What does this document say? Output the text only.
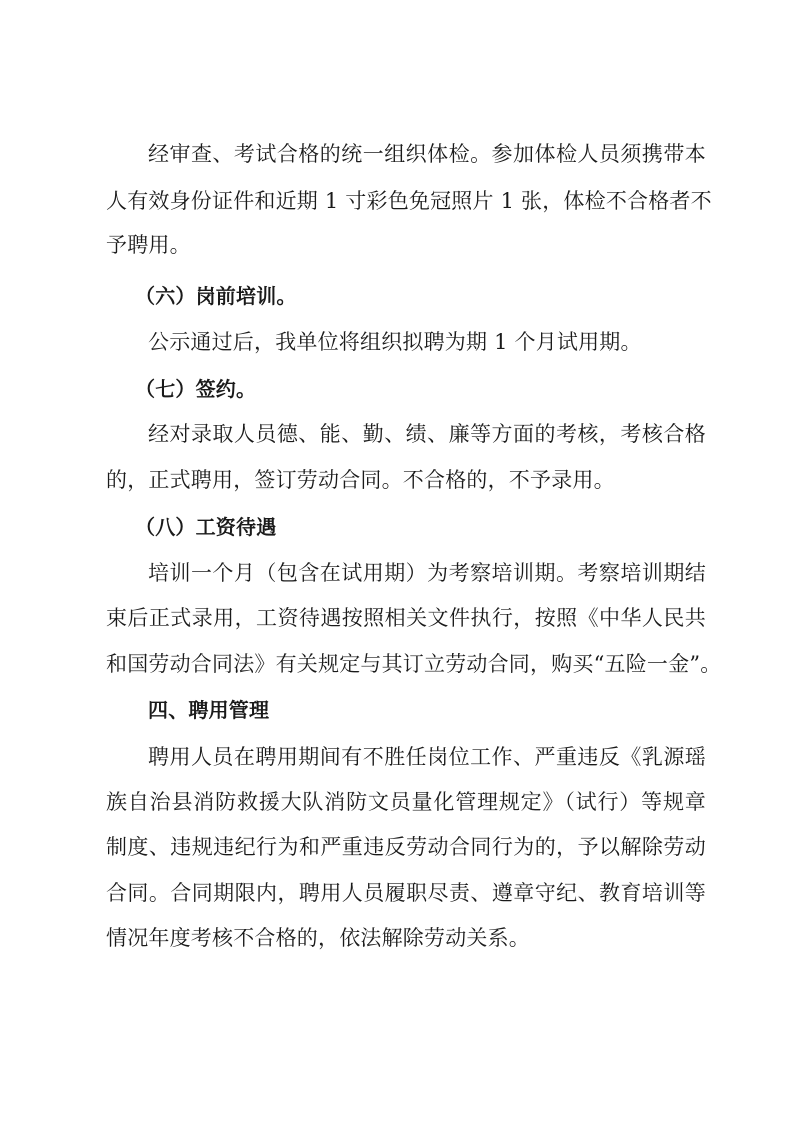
经审查、考试合格的统一组织体检。参加体检人员须携带本
人有效身份证件和近期 1 寸彩色免冠照片 1 张，体检不合格者不
予聘用。
（六）岗前培训。
公示通过后，我单位将组织拟聘为期 1 个月试用期。
（七）签约。
经对录取人员德、能、勤、绩、廉等方面的考核，考核合格
的，正式聘用，签订劳动合同。不合格的，不予录用。
（八）工资待遇
培训一个月（包含在试用期）为考察培训期。考察培训期结
束后正式录用，工资待遇按照相关文件执行，按照《中华人民共
和国劳动合同法》有关规定与其订立劳动合同，购买“五险一金”。
四、聘用管理
聘用人员在聘用期间有不胜任岗位工作、严重违反《乳源瑶
族自治县消防救援大队消防文员量化管理规定》（试行）等规章
制度、违规违纪行为和严重违反劳动合同行为的，予以解除劳动
合同。合同期限内，聘用人员履职尽责、遵章守纪、教育培训等
情况年度考核不合格的，依法解除劳动关系。
